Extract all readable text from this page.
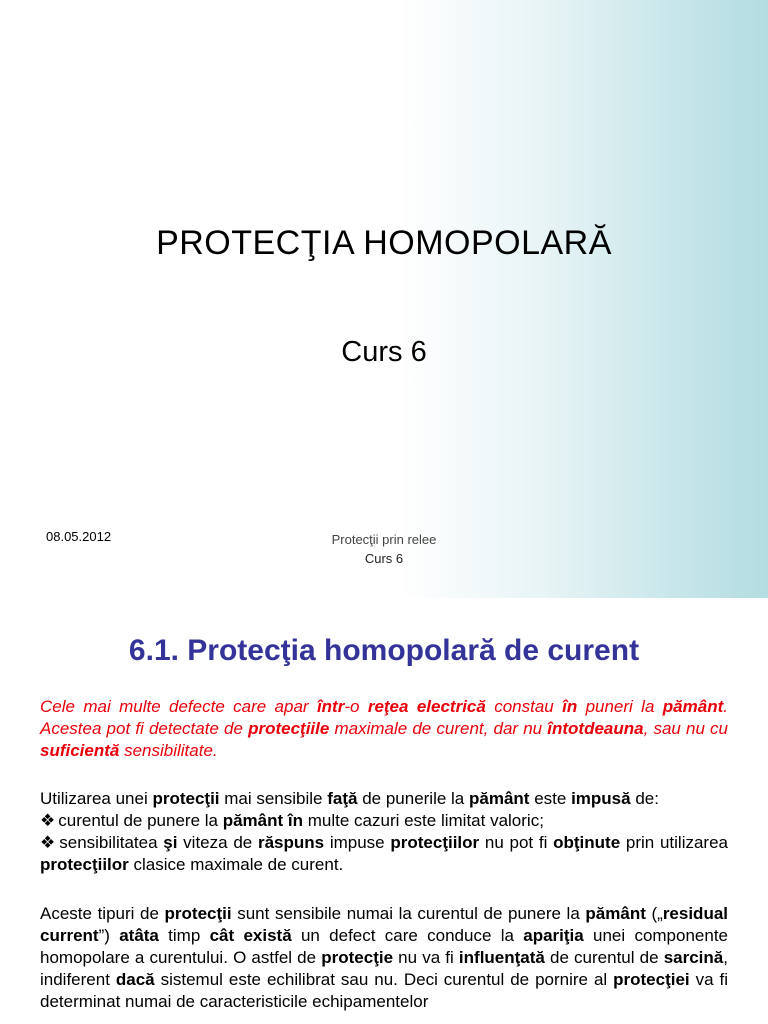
PROTECŢIA HOMOPOLARĂ
Curs 6
08.05.2012	Protecţii prin relee
Curs 6
6.1. Protecţia homopolară de curent
Cele mai multe defecte care apar într-o reţea electrică constau în puneri la pământ. Acestea pot fi detectate de protecţiile maximale de curent, dar nu întotdeauna, sau nu cu suficientă sensibilitate.
Utilizarea unei protecţii mai sensibile faţă de punerile la pământ este impusă de:
❖ curentul de punere la pământ în multe cazuri este limitat valoric;
❖ sensibilitatea şi viteza de răspuns impuse protecţiilor nu pot fi obţinute prin utilizarea protecţiilor clasice maximale de curent.
Aceste tipuri de protecţii sunt sensibile numai la curentul de punere la pământ („residual current”) atâta timp cât există un defect care conduce la apariţia unei componente homopolare a curentului. O astfel de protecţie nu va fi influenţată de curentul de sarcină, indiferent dacă sistemul este echilibrat sau nu. Deci curentul de pornire al protecţiei va fi determinat numai de caracteristicile echipamentelor
